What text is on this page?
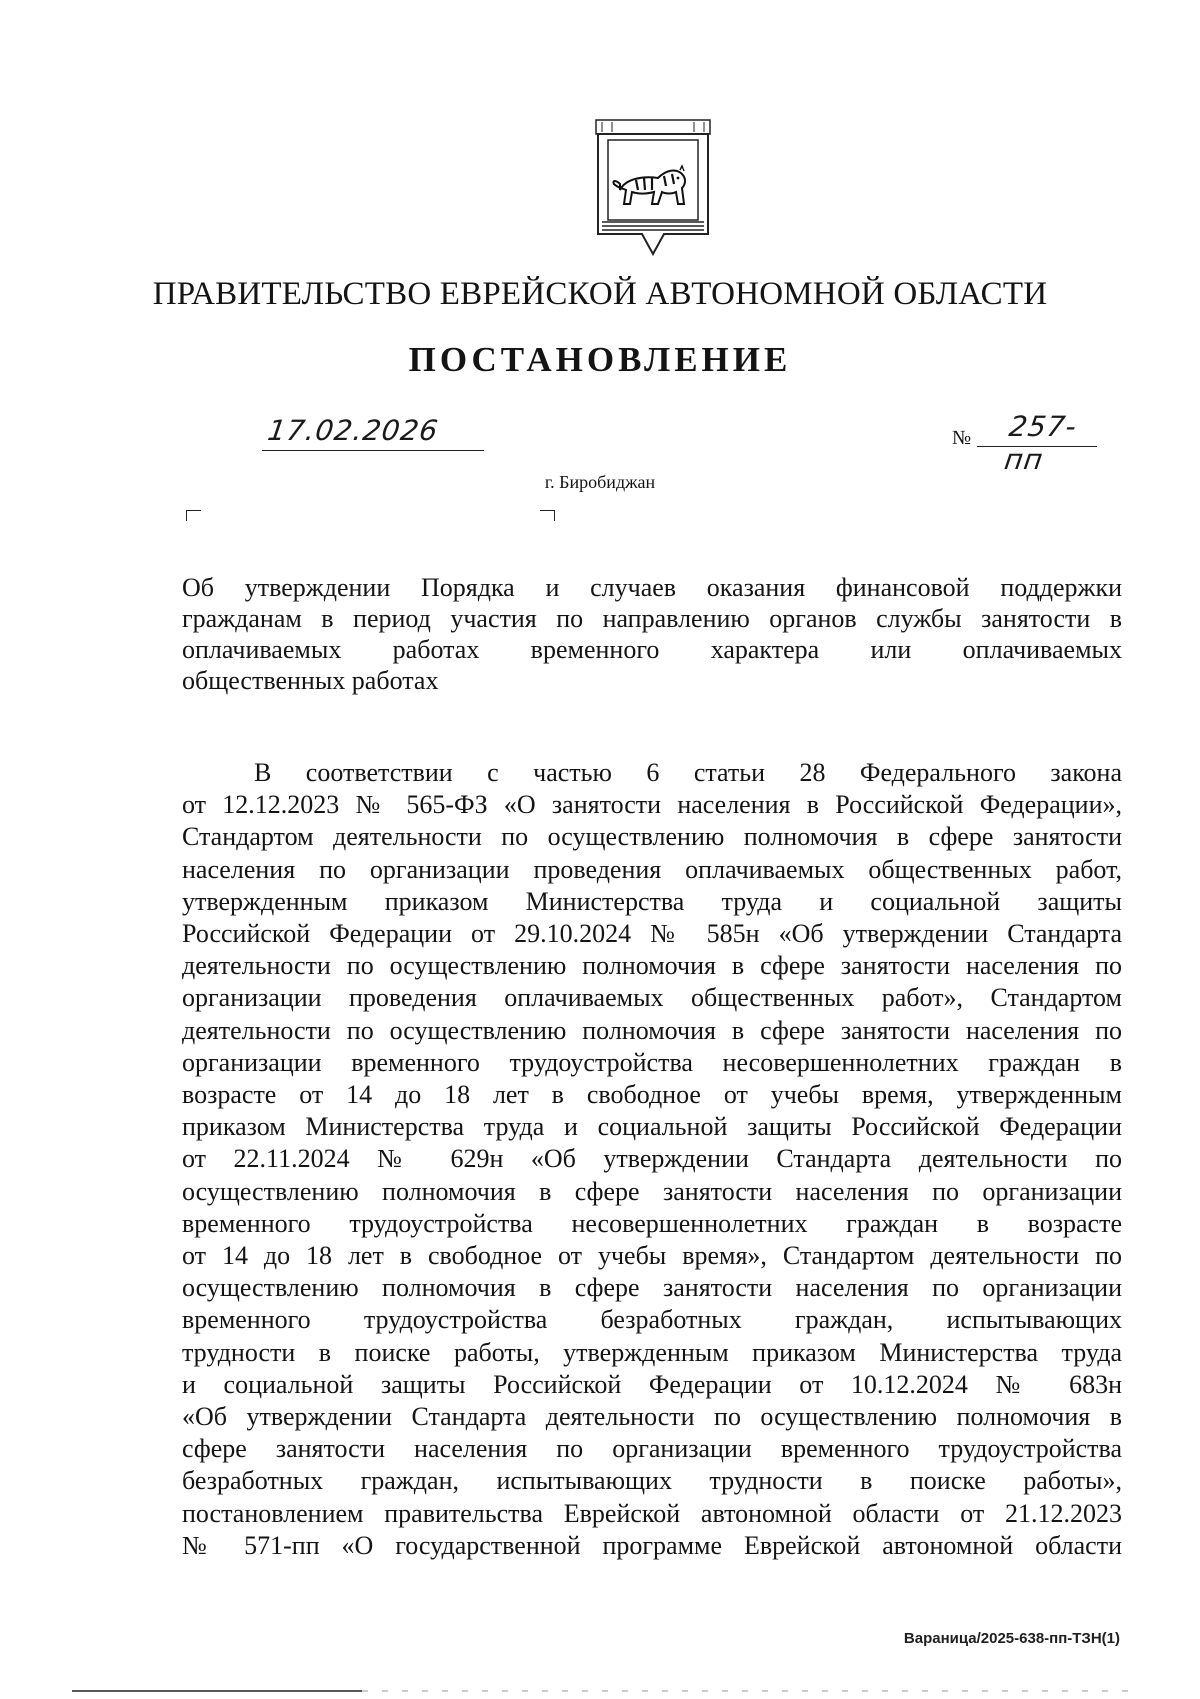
ПРАВИТЕЛЬСТВО ЕВРЕЙСКОЙ АВТОНОМНОЙ ОБЛАСТИ
ПОСТАНОВЛЕНИЕ
17.02.2026	№ 257-пп
г. Биробиджан
Об утверждении Порядка и случаев оказания финансовой поддержки
гражданам в период участия по направлению органов службы занятости в
оплачиваемых работах временного характера или оплачиваемых
общественных работах
В соответствии с частью 6 статьи 28 Федерального закона
от 12.12.2023 № 565-ФЗ «О занятости населения в Российской Федерации»,
Стандартом деятельности по осуществлению полномочия в сфере занятости
населения по организации проведения оплачиваемых общественных работ,
утвержденным приказом Министерства труда и социальной защиты
Российской Федерации от 29.10.2024 № 585н «Об утверждении Стандарта
деятельности по осуществлению полномочия в сфере занятости населения по
организации проведения оплачиваемых общественных работ», Стандартом
деятельности по осуществлению полномочия в сфере занятости населения по
организации временного трудоустройства несовершеннолетних граждан в
возрасте от 14 до 18 лет в свободное от учебы время, утвержденным
приказом Министерства труда и социальной защиты Российской Федерации
от 22.11.2024 № 629н «Об утверждении Стандарта деятельности по
осуществлению полномочия в сфере занятости населения по организации
временного трудоустройства несовершеннолетних граждан в возрасте
от 14 до 18 лет в свободное от учебы время», Стандартом деятельности по
осуществлению полномочия в сфере занятости населения по организации
временного трудоустройства безработных граждан, испытывающих
трудности в поиске работы, утвержденным приказом Министерства труда
и социальной защиты Российской Федерации от 10.12.2024 № 683н
«Об утверждении Стандарта деятельности по осуществлению полномочия в
сфере занятости населения по организации временного трудоустройства
безработных граждан, испытывающих трудности в поиске работы»,
постановлением правительства Еврейской автономной области от 21.12.2023
№ 571-пп «О государственной программе Еврейской автономной области
Вараница/2025-638-пп-ТЗН(1)
